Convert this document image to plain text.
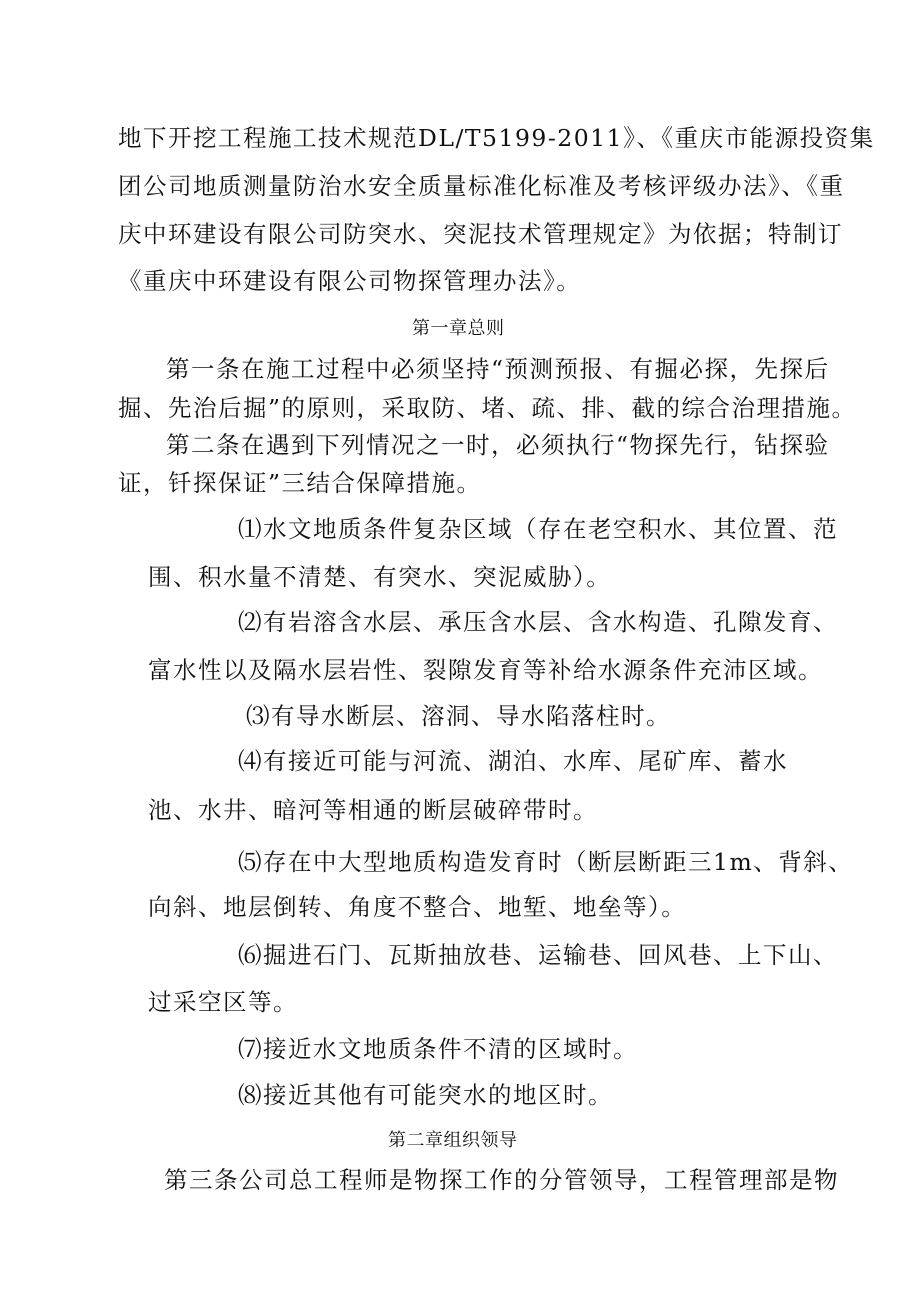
地下开挖工程施工技术规范DL/T5199-2011》、《重庆市能源投资集
团公司地质测量防治水安全质量标准化标准及考核评级办法》、《重
庆中环建设有限公司防突水、突泥技术管理规定》为依据；特制订
《重庆中环建设有限公司物探管理办法》。
第一章总则
第一条在施工过程中必须坚持“预测预报、有掘必探，先探后
掘、先治后掘”的原则，采取防、堵、疏、排、截的综合治理措施。
第二条在遇到下列情况之一时，必须执行“物探先行，钻探验
证，钎探保证”三结合保障措施。
⑴水文地质条件复杂区域（存在老空积水、其位置、范
围、积水量不清楚、有突水、突泥威胁）。
⑵有岩溶含水层、承压含水层、含水构造、孔隙发育、
富水性以及隔水层岩性、裂隙发育等补给水源条件充沛区域。
⑶有导水断层、溶洞、导水陷落柱时。
⑷有接近可能与河流、湖泊、水库、尾矿库、蓄水
池、水井、暗河等相通的断层破碎带时。
⑸存在中大型地质构造发育时（断层断距三1m、背斜、
向斜、地层倒转、角度不整合、地堑、地垒等）。
⑹掘进石门、瓦斯抽放巷、运输巷、回风巷、上下山、
过采空区等。
⑺接近水文地质条件不清的区域时。
⑻接近其他有可能突水的地区时。
第二章组织领导
第三条公司总工程师是物探工作的分管领导，工程管理部是物
